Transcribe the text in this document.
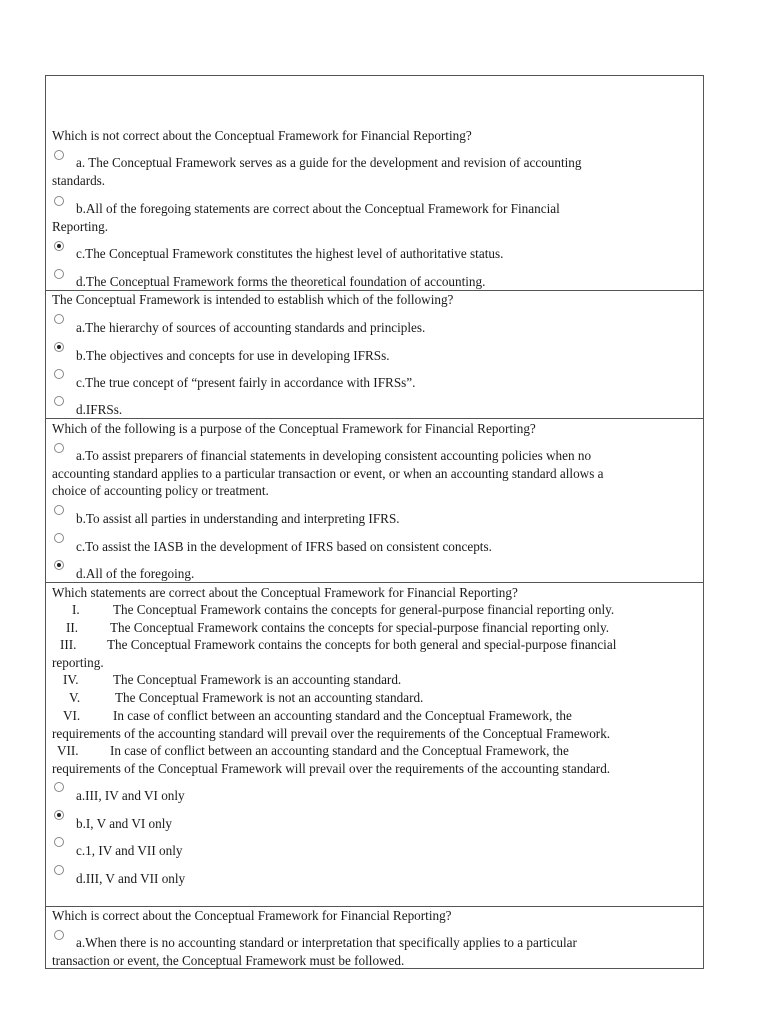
Which is not correct about the Conceptual Framework for Financial Reporting?
a. The Conceptual Framework serves as a guide for the development and revision of accounting
standards.
b.All of the foregoing statements are correct about the Conceptual Framework for Financial
Reporting.
c.The Conceptual Framework constitutes the highest level of authoritative status.
d.The Conceptual Framework forms the theoretical foundation of accounting.
The Conceptual Framework is intended to establish which of the following?
a.The hierarchy of sources of accounting standards and principles.
b.The objectives and concepts for use in developing IFRSs.
c.The true concept of “present fairly in accordance with IFRSs”.
d.IFRSs.
Which of the following is a purpose of the Conceptual Framework for Financial Reporting?
a.To assist preparers of financial statements in developing consistent accounting policies when no
accounting standard applies to a particular transaction or event, or when an accounting standard allows a
choice of accounting policy or treatment.
b.To assist all parties in understanding and interpreting IFRS.
c.To assist the IASB in the development of IFRS based on consistent concepts.
d.All of the foregoing.
Which statements are correct about the Conceptual Framework for Financial Reporting?
I.	The Conceptual Framework contains the concepts for general-purpose financial reporting only.
II. The Conceptual Framework contains the concepts for special-purpose financial reporting only.
III. The Conceptual Framework contains the concepts for both general and special-purpose financial
reporting.
IV.	The Conceptual Framework is an accounting standard.
V.	The Conceptual Framework is not an accounting standard.
VI. In case of conflict between an accounting standard and the Conceptual Framework, the
requirements of the accounting standard will prevail over the requirements of the Conceptual Framework.
VII. In case of conflict between an accounting standard and the Conceptual Framework, the
requirements of the Conceptual Framework will prevail over the requirements of the accounting standard.
a.III, IV and VI only
b.I, V and VI only
c.1, IV and VII only
d.III, V and VII only
Which is correct about the Conceptual Framework for Financial Reporting?
a.When there is no accounting standard or interpretation that specifically applies to a particular
transaction or event, the Conceptual Framework must be followed.
